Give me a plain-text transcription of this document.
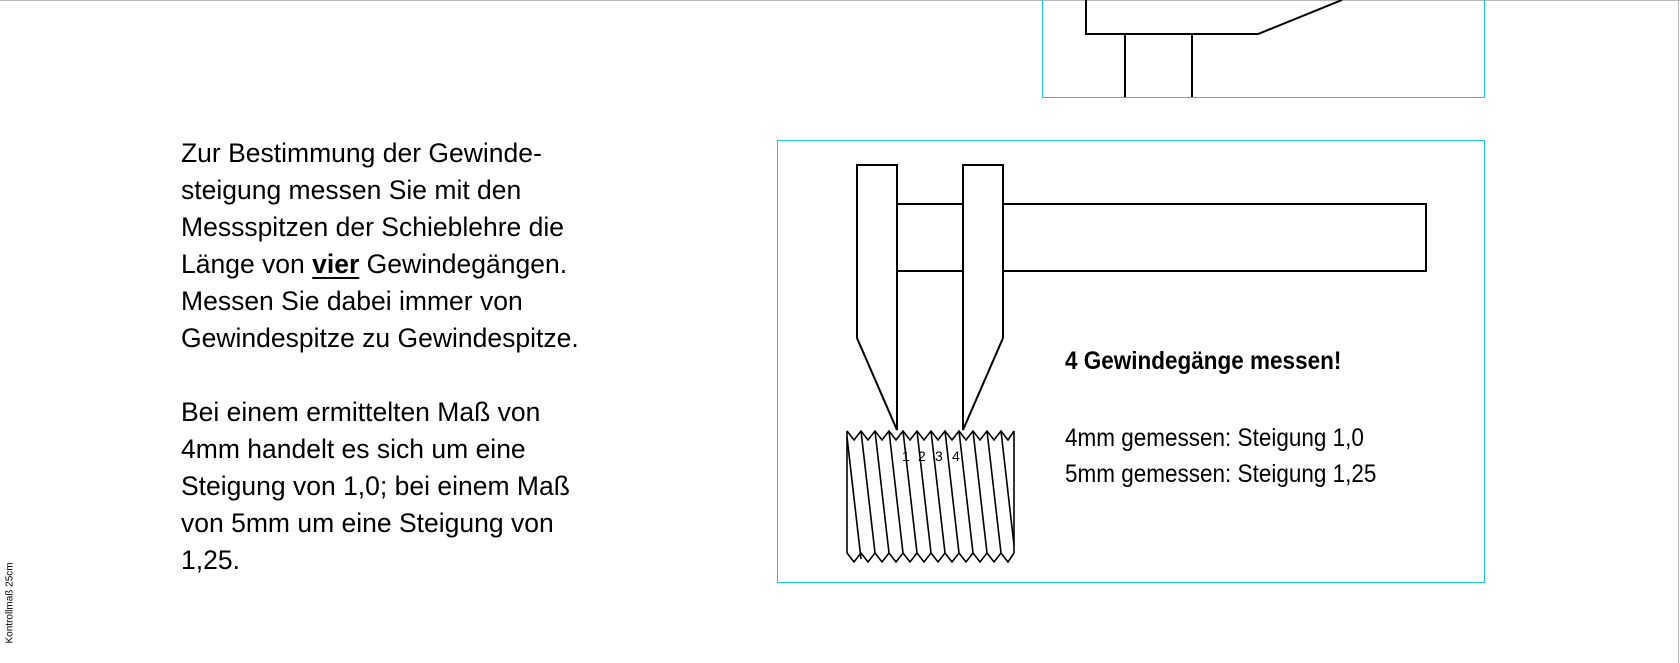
Kontrollmaß 25cm

Zur Bestimmung der Gewinde-
steigung messen Sie mit den
Messspitzen der Schieblehre die
Länge von vier Gewindegängen.
Messen Sie dabei immer von
Gewindespitze zu Gewindespitze.

Bei einem ermittelten Maß von
4mm handelt es sich um eine
Steigung von 1,0; bei einem Maß
von 5mm um eine Steigung von
1,25.

1 2 3 4
4 Gewindegänge messen!
4mm gemessen: Steigung 1,0
5mm gemessen: Steigung 1,25
